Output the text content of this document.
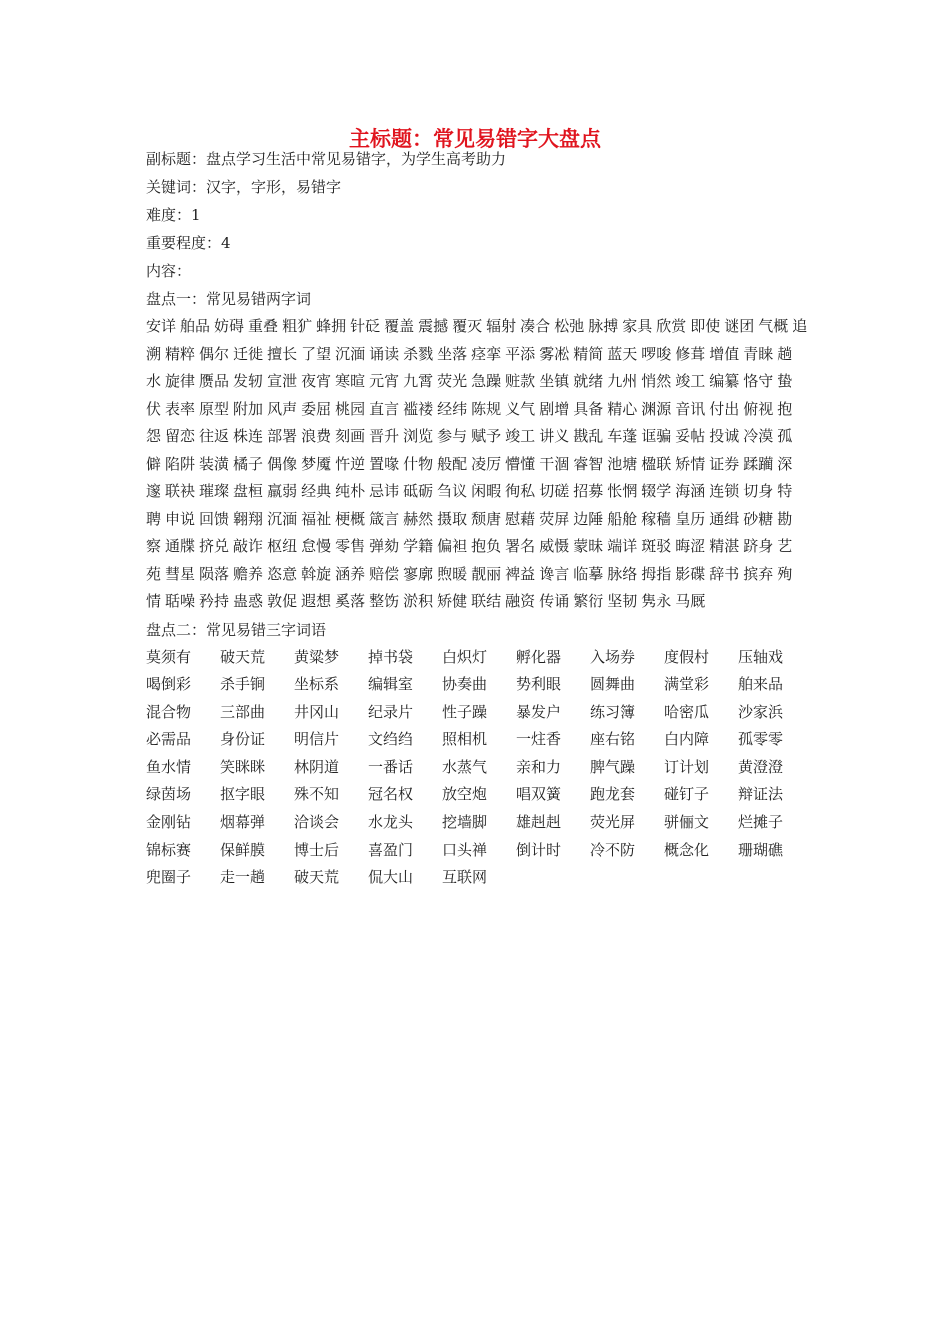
主标题：常见易错字大盘点
副标题：盘点学习生活中常见易错字，为学生高考助力
关键词：汉字，字形，易错字
难度：1
重要程度：4
内容：
盘点一：常见易错两字词
安详 舶品 妨碍 重叠 粗犷 蜂拥 针砭 覆盖 震撼 覆灭 辐射 凑合 松弛 脉搏 家具 欣赏 即使 谜团 气概 追溯 精粹 偶尔 迁徙 擅长 了望 沉湎 诵读 杀戮 坐落 痉挛 平添 雾凇 精简 蓝天 啰唆 修葺 增值 青睐 趟水 旋律 赝品 发轫 宣泄 夜宵 寒暄 元宵 九霄 荧光 急躁 赃款 坐镇 就绪 九州 悄然 竣工 编纂 恪守 蛰伏 表率 原型 附加 风声 委屈 桃园 直言 褴褛 经纬 陈规 义气 剧增 具备 精心 渊源 音讯 付出 俯视 抱怨 留恋 往返 株连 部署 浪费 刻画 晋升 浏览 参与 赋予 竣工 讲义 戡乱 车蓬 诓骗 妥帖 投诚 冷漠 孤僻 陷阱 装潢 橘子 偶像 梦魇 忤逆 置喙 什物 般配 凌厉 懵懂 干涸 睿智 池塘 楹联 矫情 证券 蹂躏 深邃 联袂 璀璨 盘桓 羸弱 经典 纯朴 忌讳 砥砺 刍议 闲暇 徇私 切磋 招募 怅惘 辍学 海涵 连锁 切身 特聘 申说 回馈 翱翔 沉湎 福祉 梗概 箴言 赫然 摄取 颓唐 慰藉 荧屏 边陲 船舱 稼穑 皇历 通缉 砂糖 勘察 通牒 挤兑 敲诈 枢纽 怠慢 零售 弹劾 学籍 偏袒 抱负 署名 威慑 蒙昧 端详 斑驳 晦涩 精湛 跻身 艺苑 彗星 陨落 赡养 恣意 斡旋 涵养 赔偿 寥廓 煦暖 靓丽 裨益 谗言 临摹 脉络 拇指 影碟 辞书 摈弃 殉情 聒噪 矜持 蛊惑 敦促 遐想 奚落 整饬 淤积 矫健 联结 融资 传诵 繁衍 坚韧 隽永 马厩
盘点二：常见易错三字词语
莫须有	破天荒	黄粱梦	掉书袋	白炽灯	孵化器	入场券	度假村	压轴戏
喝倒彩	杀手锏	坐标系	编辑室	协奏曲	势利眼	圆舞曲	满堂彩	舶来品
混合物	三部曲	井冈山	纪录片	性子躁	暴发户	练习簿	哈密瓜	沙家浜
必需品	身份证	明信片	文绉绉	照相机	一炷香	座右铭	白内障	孤零零
鱼水情	笑眯眯	林阴道	一番话	水蒸气	亲和力	脾气躁	订计划	黄澄澄
绿茵场	抠字眼	殊不知	冠名权	放空炮	唱双簧	跑龙套	碰钉子	辩证法
金刚钻	烟幕弹	洽谈会	水龙头	挖墙脚	雄赳赳	荧光屏	骈俪文	烂摊子
锦标赛	保鲜膜	博士后	喜盈门	口头禅	倒计时	冷不防	概念化	珊瑚礁
兜圈子	走一趟	破天荒	侃大山	互联网
